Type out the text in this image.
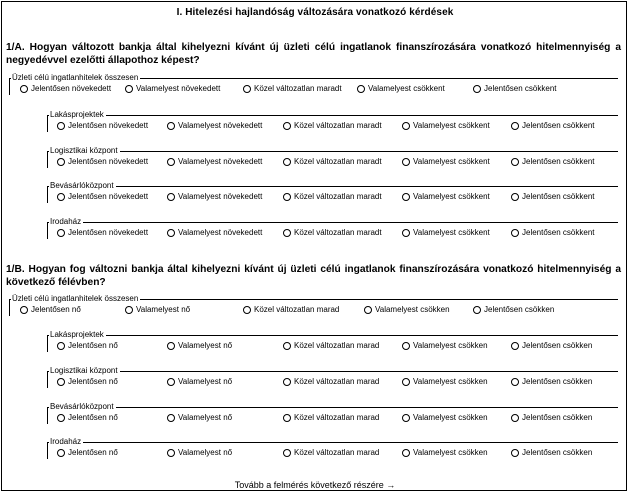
I. Hitelezési hajlandóság változására vonatkozó kérdések
1/A. Hogyan változott bankja által kihelyezni kívánt új üzleti célú ingatlanok finanszírozására vonatkozó hitelmennyiség a negyedévvel ezelőtti állapothoz képest?
Üzleti célú ingatlanhitelek összesen
Jelentősen növekedett	Valamelyest növekedett	Közel változatlan maradt	Valamelyest csökkent	Jelentősen csökkent
Lakásprojektek
Jelentősen növekedett	Valamelyest növekedett	Közel változatlan maradt	Valamelyest csökkent	Jelentősen csökkent
Logisztikai központ
Jelentősen növekedett	Valamelyest növekedett	Közel változatlan maradt	Valamelyest csökkent	Jelentősen csökkent
Bevásárlóközpont
Jelentősen növekedett	Valamelyest növekedett	Közel változatlan maradt	Valamelyest csökkent	Jelentősen csökkent
Irodaház
Jelentősen növekedett	Valamelyest növekedett	Közel változatlan maradt	Valamelyest csökkent	Jelentősen csökkent
1/B. Hogyan fog változni bankja által kihelyezni kívánt új üzleti célú ingatlanok finanszírozására vonatkozó hitelmennyiség a következő félévben?
Üzleti célú ingatlanhitelek összesen
Jelentősen nő	Valamelyest nő	Közel változatlan marad	Valamelyest csökken	Jelentősen csökken
Lakásprojektek
Jelentősen nő	Valamelyest nő	Közel változatlan marad	Valamelyest csökken	Jelentősen csökken
Logisztikai központ
Jelentősen nő	Valamelyest nő	Közel változatlan marad	Valamelyest csökken	Jelentősen csökken
Bevásárlóközpont
Jelentősen nő	Valamelyest nő	Közel változatlan marad	Valamelyest csökken	Jelentősen csökken
Irodaház
Jelentősen nő	Valamelyest nő	Közel változatlan marad	Valamelyest csökken	Jelentősen csökken
Tovább a felmérés következő részére →
